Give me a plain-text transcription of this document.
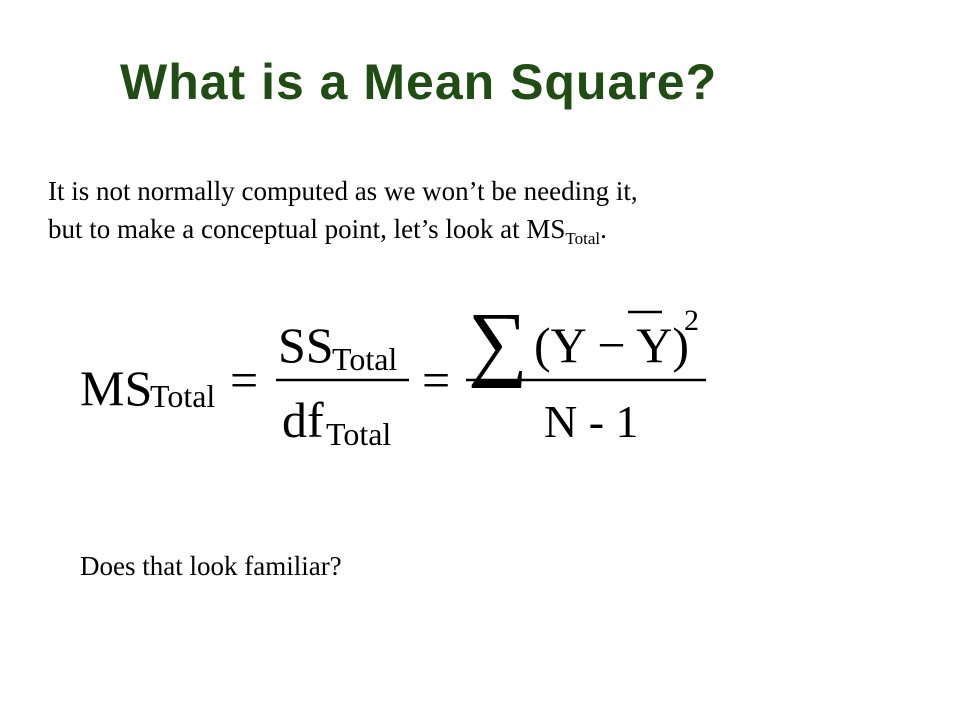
What is a Mean Square?

It is not normally computed as we won’t be needing it,
but to make a conceptual point, let’s look at $MS_{Total}$.

MS
Total =
SS
Total
df Total
= ∑ (Y − Y)
2
N - 1

Does that look familiar?
